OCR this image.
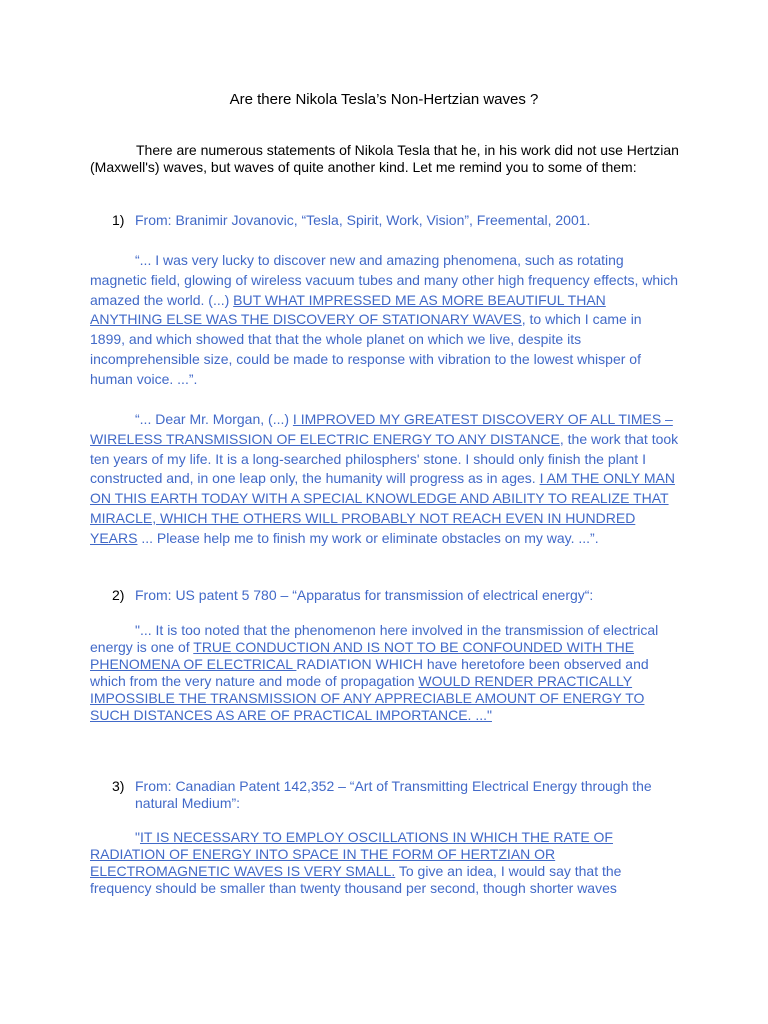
Are there Nikola Tesla’s Non-Hertzian waves ?
There are numerous statements of Nikola Tesla that he, in his work did not use Hertzian (Maxwell's) waves, but waves of quite another kind. Let me remind you to some of them:
1) From: Branimir Jovanovic, “Tesla, Spirit, Work, Vision”, Freemental, 2001.
“... I was very lucky to discover new and amazing phenomena, such as rotating magnetic field, glowing of wireless vacuum tubes and many other high frequency effects, which amazed the world. (...) BUT WHAT IMPRESSED ME AS MORE BEAUTIFUL THAN ANYTHING ELSE WAS THE DISCOVERY OF STATIONARY WAVES, to which I came in 1899, and which showed that that the whole planet on which we live, despite its incomprehensible size, could be made to response with vibration to the lowest whisper of human voice. ...”.
“... Dear Mr. Morgan, (...) I IMPROVED MY GREATEST DISCOVERY OF ALL TIMES – WIRELESS TRANSMISSION OF ELECTRIC ENERGY TO ANY DISTANCE, the work that took ten years of my life. It is a long-searched philosphers' stone. I should only finish the plant I constructed and, in one leap only, the humanity will progress as in ages. I AM THE ONLY MAN ON THIS EARTH TODAY WITH A SPECIAL KNOWLEDGE AND ABILITY TO REALIZE THAT MIRACLE, WHICH THE OTHERS WILL PROBABLY NOT REACH EVEN IN HUNDRED YEARS ... Please help me to finish my work or eliminate obstacles on my way. ...”.
2) From: US patent 5 780 – “Apparatus for transmission of electrical energy“:
"... It is too noted that the phenomenon here involved in the transmission of electrical energy is one of TRUE CONDUCTION AND IS NOT TO BE CONFOUNDED WITH THE PHENOMENA OF ELECTRICAL RADIATION WHICH have heretofore been observed and which from the very nature and mode of propagation WOULD RENDER PRACTICALLY IMPOSSIBLE THE TRANSMISSION OF ANY APPRECIABLE AMOUNT OF ENERGY TO SUCH DISTANCES AS ARE OF PRACTICAL IMPORTANCE. ..."
3) From: Canadian Patent 142,352 – “Art of Transmitting Electrical Energy through the natural Medium”:
"IT IS NECESSARY TO EMPLOY OSCILLATIONS IN WHICH THE RATE OF RADIATION OF ENERGY INTO SPACE IN THE FORM OF HERTZIAN OR ELECTROMAGNETIC WAVES IS VERY SMALL. To give an idea, I would say that the frequency should be smaller than twenty thousand per second, though shorter waves
